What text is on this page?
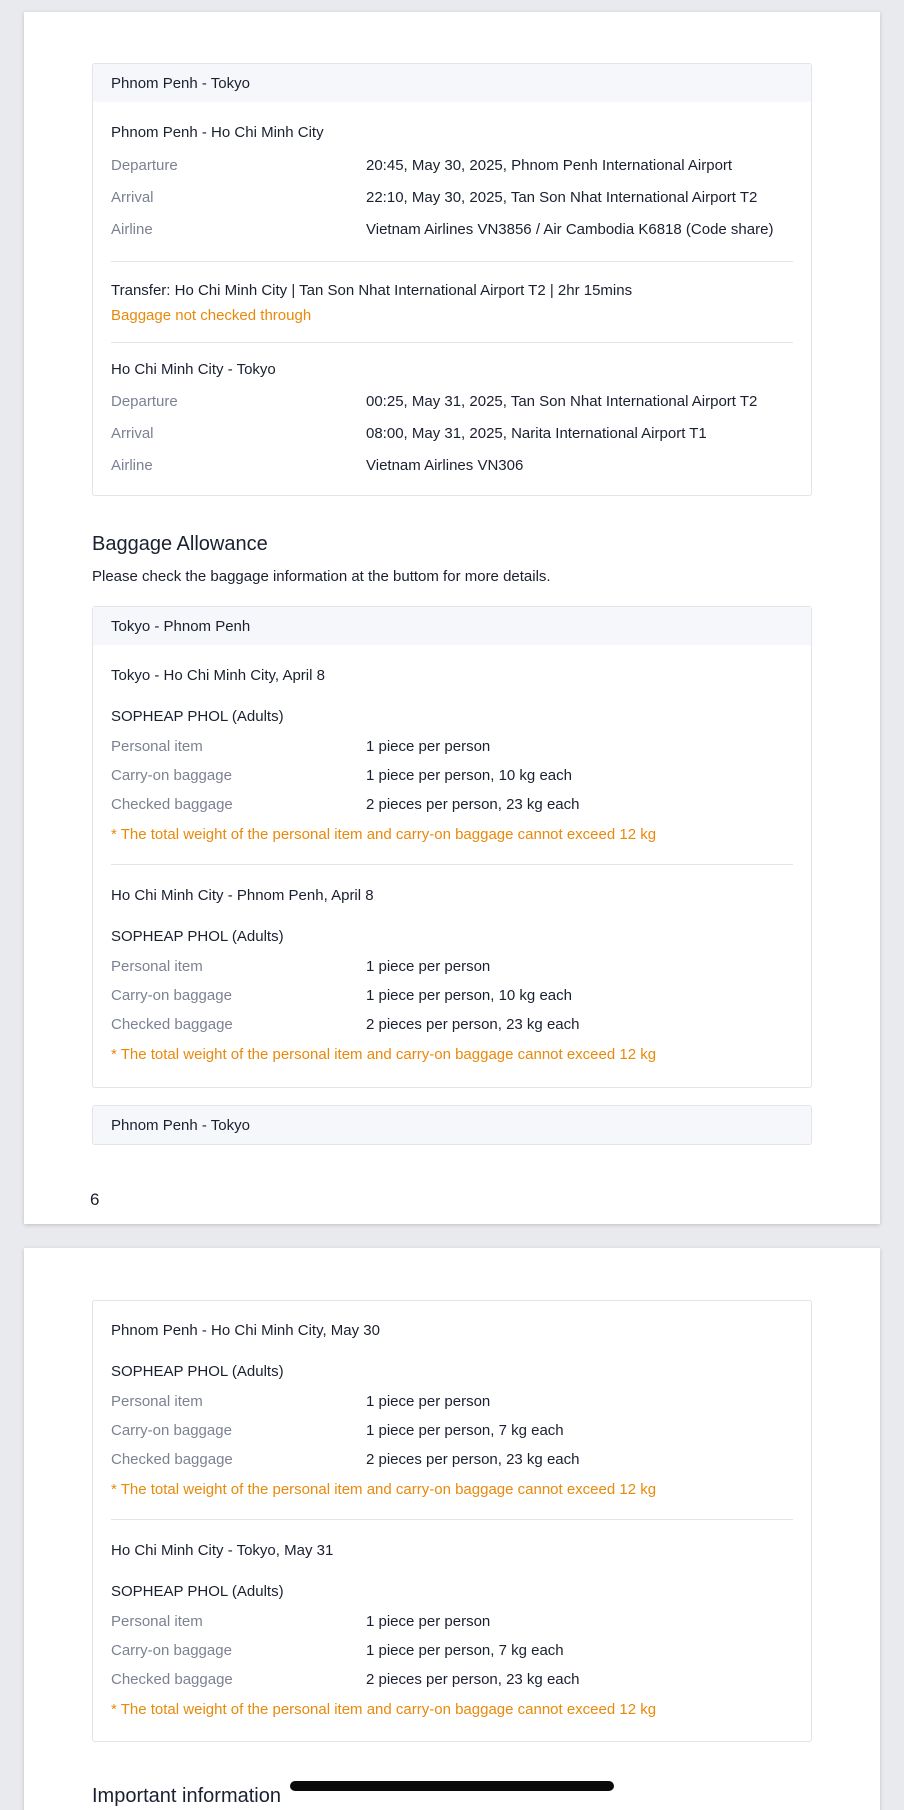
Phnom Penh - Tokyo
Phnom Penh - Ho Chi Minh City
Departure	20:45, May 30, 2025, Phnom Penh International Airport
Arrival	22:10, May 30, 2025, Tan Son Nhat International Airport T2
Airline	Vietnam Airlines VN3856 / Air Cambodia K6818 (Code share)
Transfer: Ho Chi Minh City | Tan Son Nhat International Airport T2 | 2hr 15mins
Baggage not checked through
Ho Chi Minh City - Tokyo
Departure	00:25, May 31, 2025, Tan Son Nhat International Airport T2
Arrival	08:00, May 31, 2025, Narita International Airport T1
Airline	Vietnam Airlines VN306
Baggage Allowance
Please check the baggage information at the buttom for more details.
Tokyo - Phnom Penh
Tokyo - Ho Chi Minh City, April 8
SOPHEAP PHOL (Adults)
Personal item	1 piece per person
Carry-on baggage	1 piece per person, 10 kg each
Checked baggage	2 pieces per person, 23 kg each
* The total weight of the personal item and carry-on baggage cannot exceed 12 kg
Ho Chi Minh City - Phnom Penh, April 8
SOPHEAP PHOL (Adults)
Personal item	1 piece per person
Carry-on baggage	1 piece per person, 10 kg each
Checked baggage	2 pieces per person, 23 kg each
* The total weight of the personal item and carry-on baggage cannot exceed 12 kg
Phnom Penh - Tokyo
6
Phnom Penh - Ho Chi Minh City, May 30
SOPHEAP PHOL (Adults)
Personal item	1 piece per person
Carry-on baggage	1 piece per person, 7 kg each
Checked baggage	2 pieces per person, 23 kg each
* The total weight of the personal item and carry-on baggage cannot exceed 12 kg
Ho Chi Minh City - Tokyo, May 31
SOPHEAP PHOL (Adults)
Personal item	1 piece per person
Carry-on baggage	1 piece per person, 7 kg each
Checked baggage	2 pieces per person, 23 kg each
* The total weight of the personal item and carry-on baggage cannot exceed 12 kg
Important information
